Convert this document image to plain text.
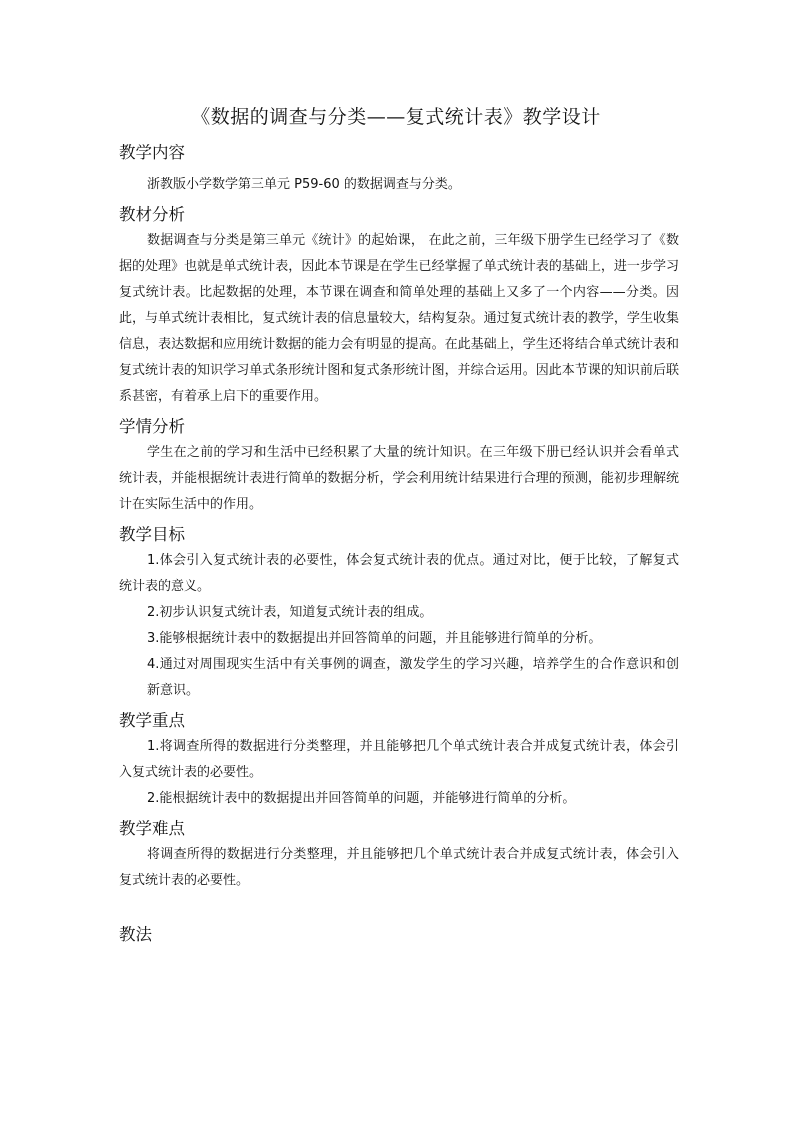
《数据的调查与分类——复式统计表》教学设计
教学内容

浙教版小学数学第三单元 P59-60 的数据调查与分类。

教材分析

数据调查与分类是第三单元《统计》的起始课， 在此之前，三年级下册学生已经学习了《数据的处理》也就是单式统计表，因此本节课是在学生已经掌握了单式统计表的基础上，进一步学习复式统计表。比起数据的处理，本节课在调查和简单处理的基础上又多了一个内容——分类。因此，与单式统计表相比，复式统计表的信息量较大，结构复杂。通过复式统计表的教学，学生收集信息，表达数据和应用统计数据的能力会有明显的提高。在此基础上，学生还将结合单式统计表和复式统计表的知识学习单式条形统计图和复式条形统计图，并综合运用。因此本节课的知识前后联系甚密，有着承上启下的重要作用。

学情分析

学生在之前的学习和生活中已经积累了大量的统计知识。在三年级下册已经认识并会看单式统计表，并能根据统计表进行简单的数据分析，学会利用统计结果进行合理的预测，能初步理解统计在实际生活中的作用。

教学目标

1.体会引入复式统计表的必要性，体会复式统计表的优点。通过对比，便于比较，了解复式统计表的意义。

2.初步认识复式统计表，知道复式统计表的组成。

3.能够根据统计表中的数据提出并回答简单的问题，并且能够进行简单的分析。

4.通过对周围现实生活中有关事例的调查，激发学生的学习兴趣，培养学生的合作意识和创新意识。

教学重点

1.将调查所得的数据进行分类整理，并且能够把几个单式统计表合并成复式统计表，体会引入复式统计表的必要性。

2.能根据统计表中的数据提出并回答简单的问题，并能够进行简单的分析。

教学难点

将调查所得的数据进行分类整理，并且能够把几个单式统计表合并成复式统计表，体会引入复式统计表的必要性。

教法
